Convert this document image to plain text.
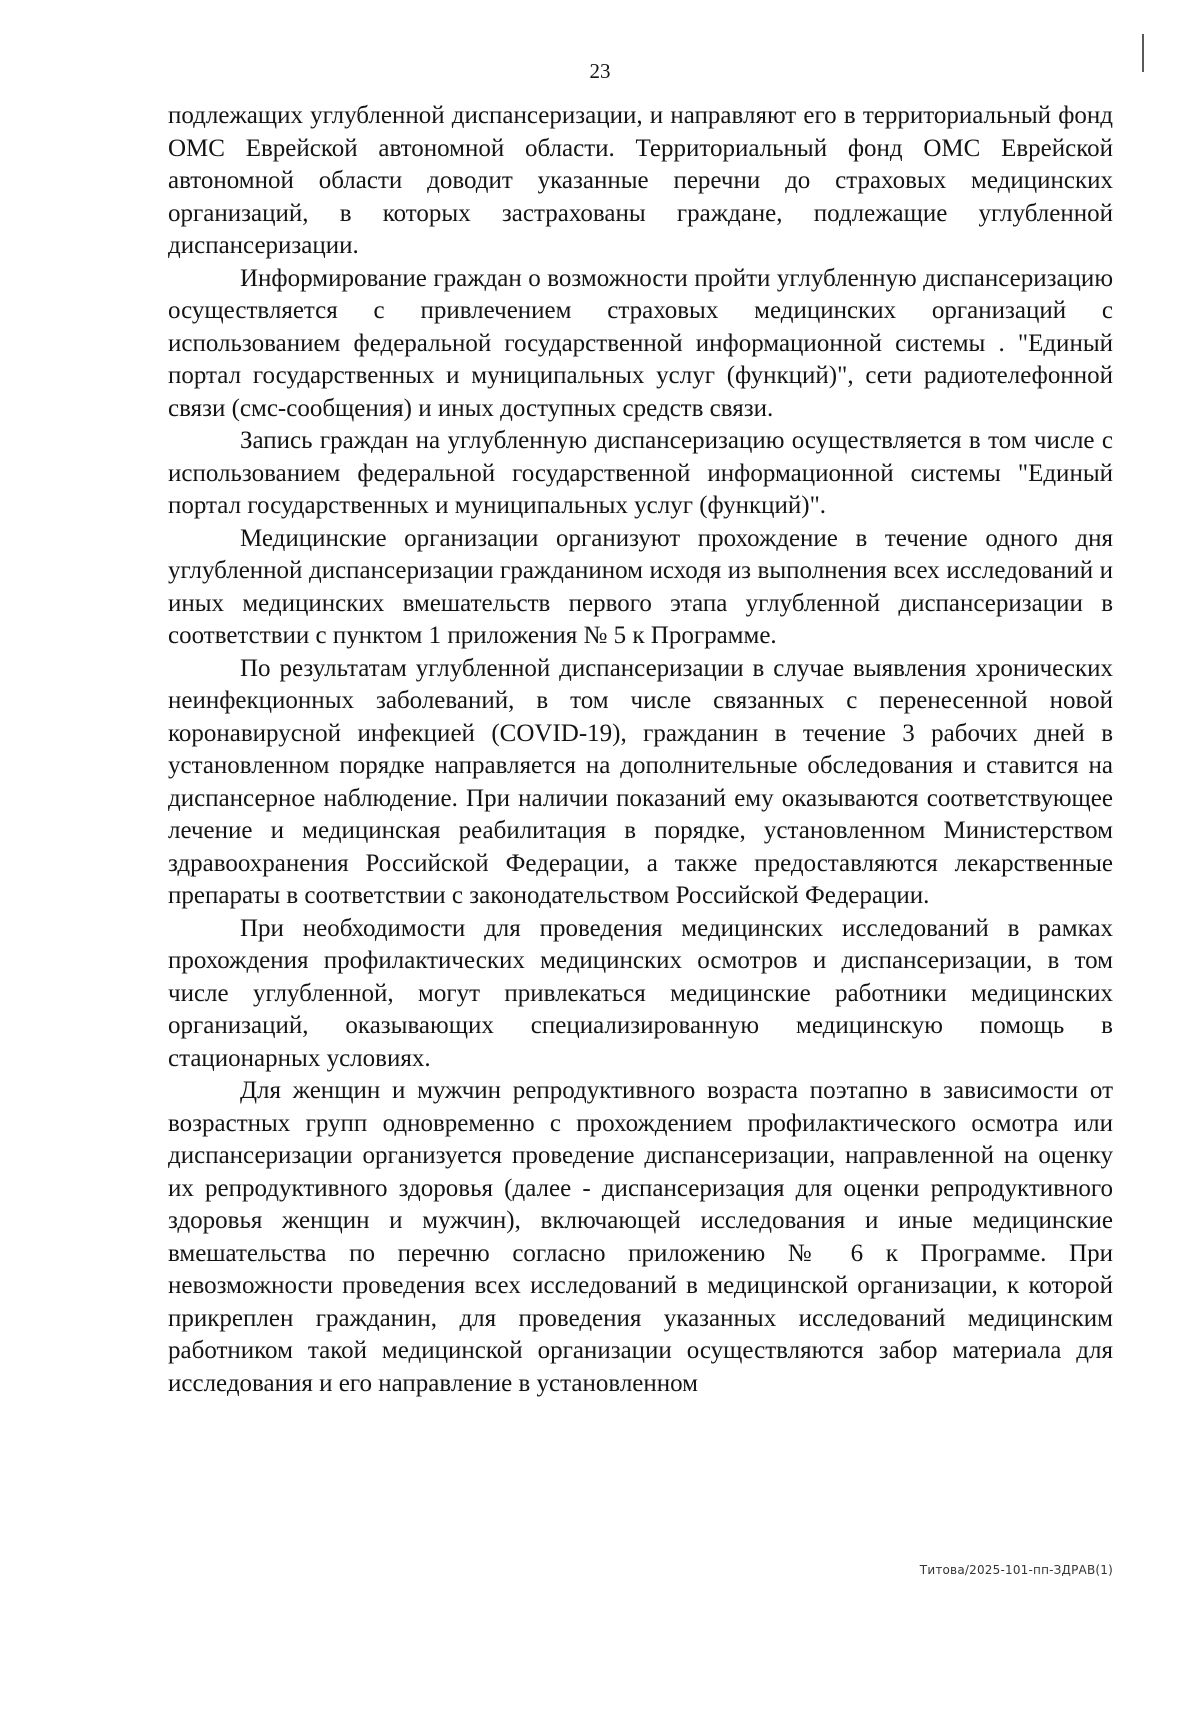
23

подлежащих углубленной диспансеризации, и направляют его в территориальный фонд ОМС Еврейской автономной области. Территориальный фонд ОМС Еврейской автономной области доводит указанные перечни до страховых медицинских организаций, в которых застрахованы граждане, подлежащие углубленной диспансеризации.

Информирование граждан о возможности пройти углубленную диспансеризацию осуществляется с привлечением страховых медицинских организаций с использованием федеральной государственной информационной системы . "Единый портал государственных и муниципальных услуг (функций)", сети радиотелефонной связи (смс-сообщения) и иных доступных средств связи.

Запись граждан на углубленную диспансеризацию осуществляется в том числе с использованием федеральной государственной информационной системы "Единый портал государственных и муниципальных услуг (функций)".

Медицинские организации организуют прохождение в течение одного дня углубленной диспансеризации гражданином исходя из выполнения всех исследований и иных медицинских вмешательств первого этапа углубленной диспансеризации в соответствии с пунктом 1 приложения № 5 к Программе.

По результатам углубленной диспансеризации в случае выявления хронических неинфекционных заболеваний, в том числе связанных с перенесенной новой коронавирусной инфекцией (COVID-19), гражданин в течение 3 рабочих дней в установленном порядке направляется на дополнительные обследования и ставится на диспансерное наблюдение. При наличии показаний ему оказываются соответствующее лечение и медицинская реабилитация в порядке, установленном Министерством здравоохранения Российской Федерации, а также предоставляются лекарственные препараты в соответствии с законодательством Российской Федерации.

При необходимости для проведения медицинских исследований в рамках прохождения профилактических медицинских осмотров и диспансеризации, в том числе углубленной, могут привлекаться медицинские работники медицинских организаций, оказывающих специализированную медицинскую помощь в стационарных условиях.

Для женщин и мужчин репродуктивного возраста поэтапно в зависимости от возрастных групп одновременно с прохождением профилактического осмотра или диспансеризации организуется проведение диспансеризации, направленной на оценку их репродуктивного здоровья (далее - диспансеризация для оценки репродуктивного здоровья женщин и мужчин), включающей исследования и иные медицинские вмешательства по перечню согласно приложению № 6 к Программе. При невозможности проведения всех исследований в медицинской организации, к которой прикреплен гражданин, для проведения указанных исследований медицинским работником такой медицинской организации осуществляются забор материала для исследования и его направление в установленном

Титова/2025-101-пп-ЗДРАВ(1)
